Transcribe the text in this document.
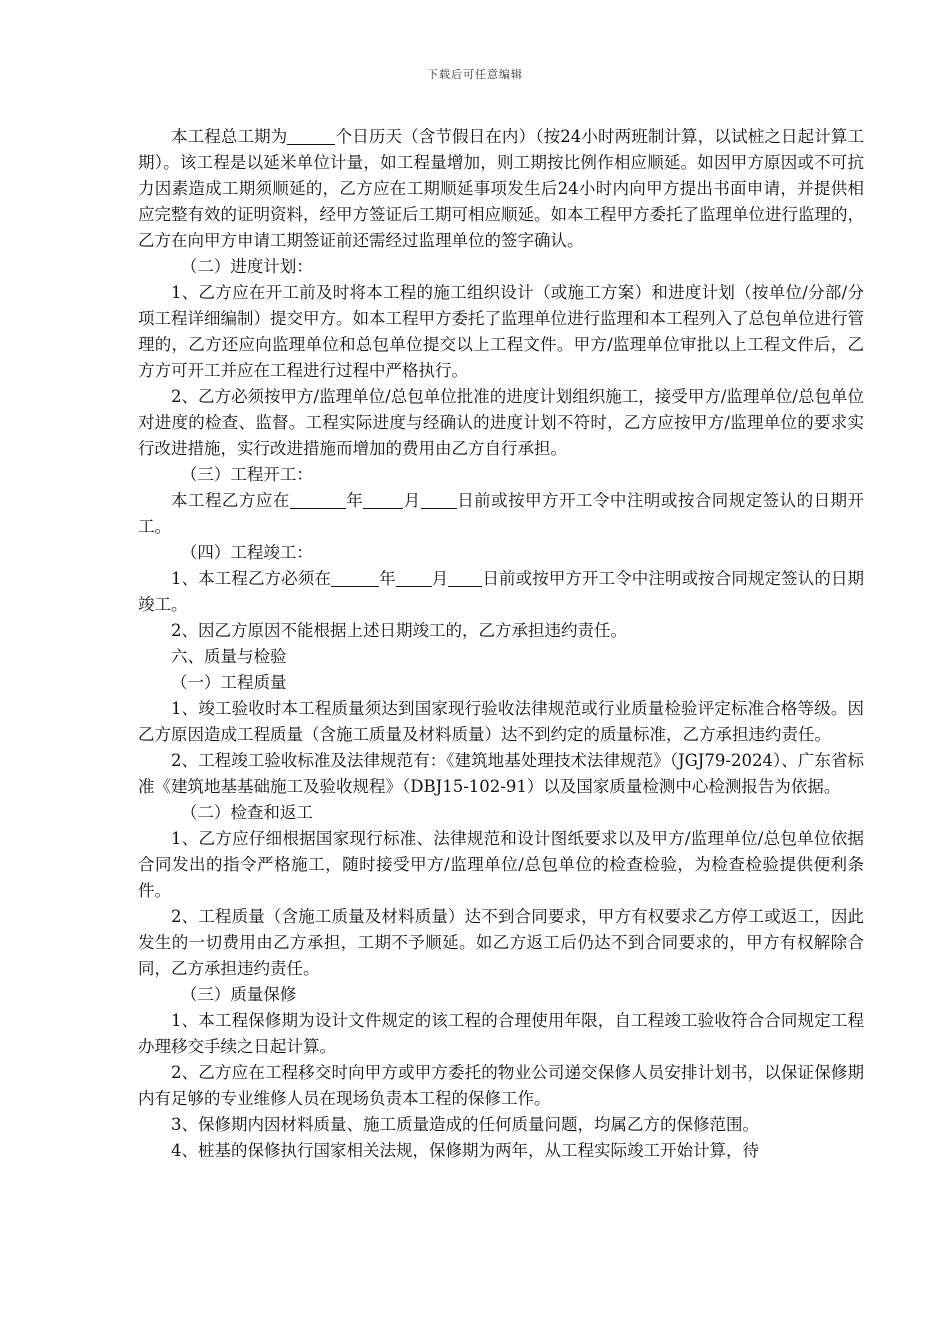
下载后可任意编辑

本工程总工期为	个日历天（含节假日在内）（按24小时两班制计算，以试桩之日起计算工期）。该工程是以延米单位计量，如工程量增加，则工期按比例作相应顺延。如因甲方原因或不可抗力因素造成工期须顺延的，乙方应在工期顺延事项发生后24小时内向甲方提出书面申请，并提供相应完整有效的证明资料，经甲方签证后工期可相应顺延。如本工程甲方委托了监理单位进行监理的，乙方在向甲方申请工期签证前还需经过监理单位的签字确认。

（二）进度计划：

1、乙方应在开工前及时将本工程的施工组织设计（或施工方案）和进度计划（按单位/分部/分项工程详细编制）提交甲方。如本工程甲方委托了监理单位进行监理和本工程列入了总包单位进行管理的，乙方还应向监理单位和总包单位提交以上工程文件。甲方/监理单位审批以上工程文件后，乙方方可开工并应在工程进行过程中严格执行。

2、乙方必须按甲方/监理单位/总包单位批准的进度计划组织施工，接受甲方/监理单位/总包单位对进度的检查、监督。工程实际进度与经确认的进度计划不符时，乙方应按甲方/监理单位的要求实行改进措施，实行改进措施而增加的费用由乙方自行承担。

（三）工程开工：

本工程乙方应在	年 月 日前或按甲方开工令中注明或按合同规定签认的日期开工。

（四）工程竣工：

1、本工程乙方必须在	年 月 日前或按甲方开工令中注明或按合同规定签认的日期竣工。

2、因乙方原因不能根据上述日期竣工的，乙方承担违约责任。

六、质量与检验

（一）工程质量

1、竣工验收时本工程质量须达到国家现行验收法律规范或行业质量检验评定标准合格等级。因乙方原因造成工程质量（含施工质量及材料质量）达不到约定的质量标准，乙方承担违约责任。

2、工程竣工验收标准及法律规范有：《建筑地基处理技术法律规范》（JGJ79-2024）、广东省标准《建筑地基基础施工及验收规程》（DBJ15-102-91）以及国家质量检测中心检测报告为依据。

（二）检查和返工

1、乙方应仔细根据国家现行标准、法律规范和设计图纸要求以及甲方/监理单位/总包单位依据合同发出的指令严格施工，随时接受甲方/监理单位/总包单位的检查检验，为检查检验提供便利条件。

2、工程质量（含施工质量及材料质量）达不到合同要求，甲方有权要求乙方停工或返工，因此发生的一切费用由乙方承担，工期不予顺延。如乙方返工后仍达不到合同要求的，甲方有权解除合同，乙方承担违约责任。

（三）质量保修

1、本工程保修期为设计文件规定的该工程的合理使用年限，自工程竣工验收符合合同规定工程办理移交手续之日起计算。

2、乙方应在工程移交时向甲方或甲方委托的物业公司递交保修人员安排计划书，以保证保修期内有足够的专业维修人员在现场负责本工程的保修工作。

3、保修期内因材料质量、施工质量造成的任何质量问题，均属乙方的保修范围。

4、桩基的保修执行国家相关法规，保修期为两年，从工程实际竣工开始计算，待
